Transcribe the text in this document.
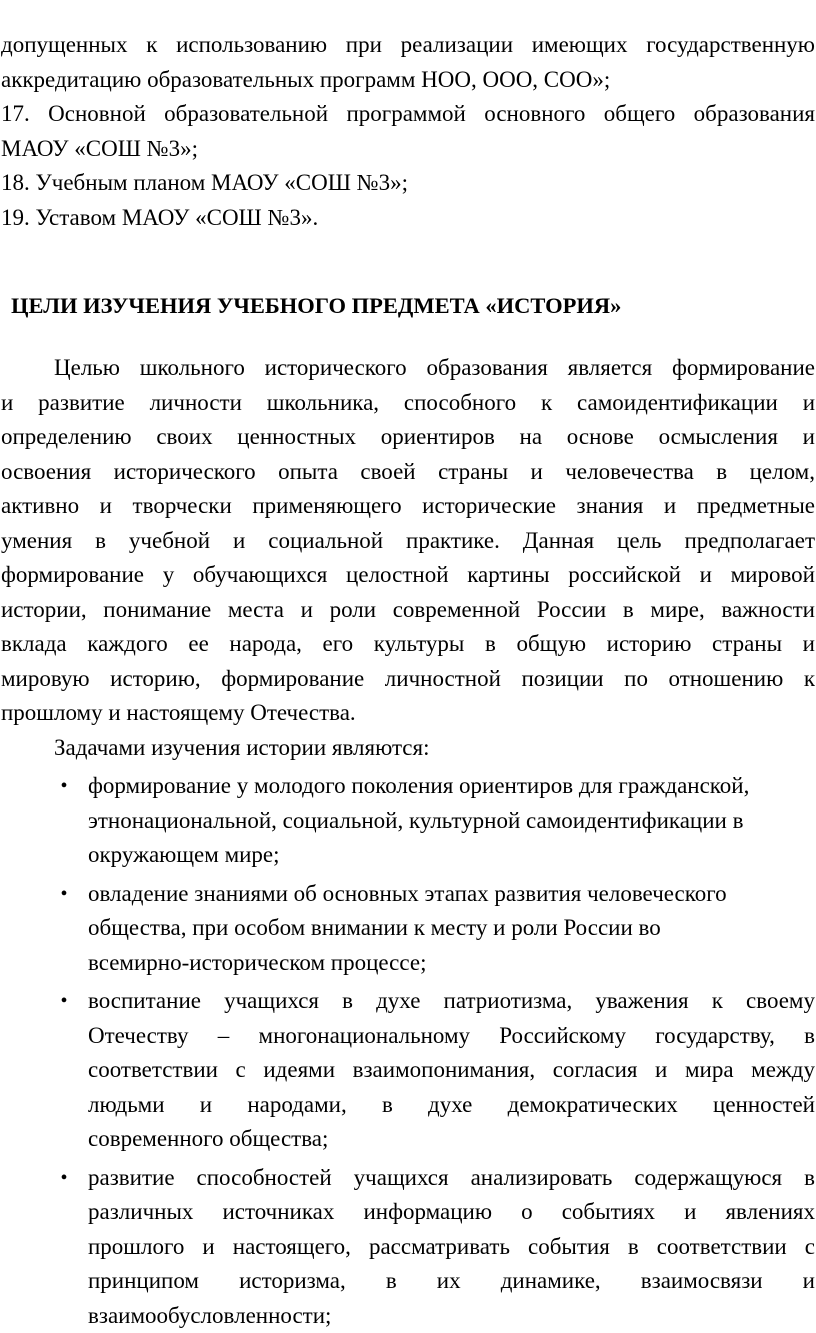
допущенных к использованию при реализации имеющих государственную
аккредитацию образовательных программ НОО, ООО, СОО»;
17. Основной образовательной программой основного общего образования
МАОУ «СОШ №3»;
18. Учебным планом МАОУ «СОШ №3»;
19. Уставом МАОУ «СОШ №3».
ЦЕЛИ ИЗУЧЕНИЯ УЧЕБНОГО ПРЕДМЕТА «ИСТОРИЯ»
Целью школьного исторического образования является формирование
и развитие личности школьника, способного к самоидентификации и
определению своих ценностных ориентиров на основе осмысления и
освоения исторического опыта своей страны и человечества в целом,
активно и творчески применяющего исторические знания и предметные
умения в учебной и социальной практике. Данная цель предполагает
формирование у обучающихся целостной картины российской и мировой
истории, понимание места и роли современной России в мире, важности
вклада каждого ее народа, его культуры в общую историю страны и
мировую историю, формирование личностной позиции по отношению к
прошлому и настоящему Отечества.
Задачами изучения истории являются:
• формирование у молодого поколения ориентиров для гражданской,
этнонациональной, социальной, культурной самоидентификации в
окружающем мире;
• овладение знаниями об основных этапах развития человеческого
общества, при особом внимании к месту и роли России во
всемирно-историческом процессе;
• воспитание учащихся в духе патриотизма, уважения к своему
Отечеству – многонациональному Российскому государству, в
соответствии с идеями взаимопонимания, согласия и мира между
людьми и народами, в духе демократических ценностей
современного общества;
• развитие способностей учащихся анализировать содержащуюся в
различных источниках информацию о событиях и явлениях
прошлого и настоящего, рассматривать события в соответствии с
принципом историзма, в их динамике, взаимосвязи и
взаимообусловленности;
